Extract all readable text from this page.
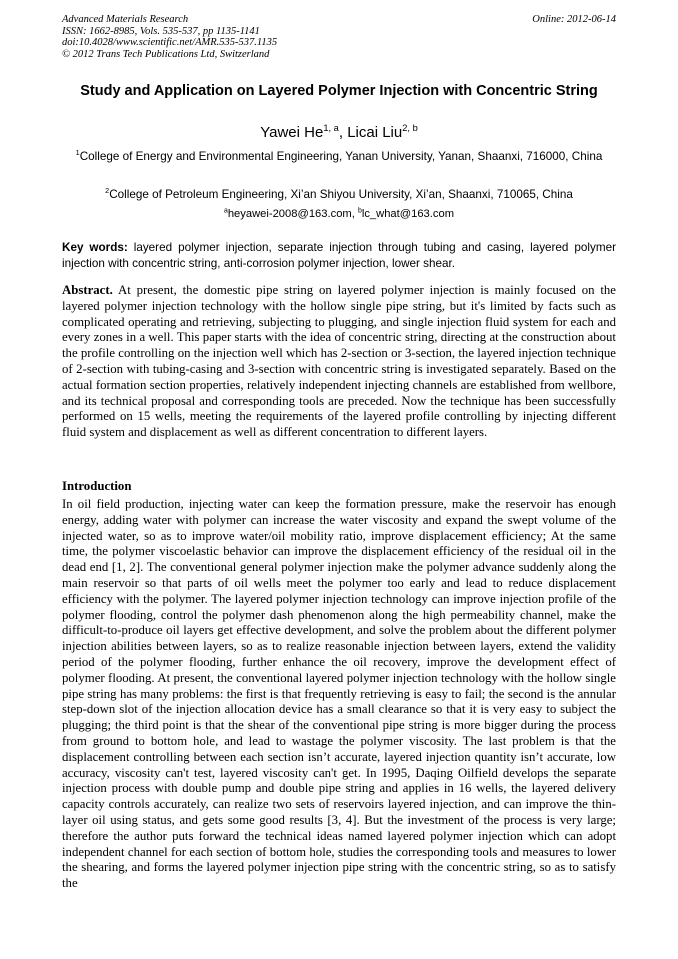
Advanced Materials Research
ISSN: 1662-8985, Vols. 535-537, pp 1135-1141
doi:10.4028/www.scientific.net/AMR.535-537.1135
© 2012 Trans Tech Publications Ltd, Switzerland
Online: 2012-06-14
Study and Application on Layered Polymer Injection with Concentric String
Yawei He$^{1, a}$, Licai Liu$^{2, b}$
$^1$College of Energy and Environmental Engineering, Yanan University, Yanan, Shaanxi, 716000, China
$^2$College of Petroleum Engineering, Xi’an Shiyou University, Xi’an, Shaanxi, 710065, China
$^a$heyawei-2008@163.com, $^b$lc_what@163.com
Key words: layered polymer injection, separate injection through tubing and casing, layered polymer injection with concentric string, anti-corrosion polymer injection, lower shear.
Abstract. At present, the domestic pipe string on layered polymer injection is mainly focused on the layered polymer injection technology with the hollow single pipe string, but it's limited by facts such as complicated operating and retrieving, subjecting to plugging, and single injection fluid system for each and every zones in a well. This paper starts with the idea of concentric string, directing at the construction about the profile controlling on the injection well which has 2-section or 3-section, the layered injection technique of 2-section with tubing-casing and 3-section with concentric string is investigated separately. Based on the actual formation section properties, relatively independent injecting channels are established from wellbore, and its technical proposal and corresponding tools are preceded. Now the technique has been successfully performed on 15 wells, meeting the requirements of the layered profile controlling by injecting different fluid system and displacement as well as different concentration to different layers.
Introduction
In oil field production, injecting water can keep the formation pressure, make the reservoir has enough energy, adding water with polymer can increase the water viscosity and expand the swept volume of the injected water, so as to improve water/oil mobility ratio, improve displacement efficiency; At the same time, the polymer viscoelastic behavior can improve the displacement efficiency of the residual oil in the dead end [1, 2]. The conventional general polymer injection make the polymer advance suddenly along the main reservoir so that parts of oil wells meet the polymer too early and lead to reduce displacement efficiency with the polymer. The layered polymer injection technology can improve injection profile of the polymer flooding, control the polymer dash phenomenon along the high permeability channel, make the difficult-to-produce oil layers get effective development, and solve the problem about the different polymer injection abilities between layers, so as to realize reasonable injection between layers, extend the validity period of the polymer flooding, further enhance the oil recovery, improve the development effect of polymer flooding. At present, the conventional layered polymer injection technology with the hollow single pipe string has many problems: the first is that frequently retrieving is easy to fail; the second is the annular step-down slot of the injection allocation device has a small clearance so that it is very easy to subject the plugging; the third point is that the shear of the conventional pipe string is more bigger during the process from ground to bottom hole, and lead to wastage the polymer viscosity. The last problem is that the displacement controlling between each section isn’t accurate, layered injection quantity isn’t accurate, low accuracy, viscosity can't test, layered viscosity can't get. In 1995, Daqing Oilfield develops the separate injection process with double pump and double pipe string and applies in 16 wells, the layered delivery capacity controls accurately, can realize two sets of reservoirs layered injection, and can improve the thin-layer oil using status, and gets some good results [3, 4]. But the investment of the process is very large; therefore the author puts forward the technical ideas named layered polymer injection which can adopt independent channel for each section of bottom hole, studies the corresponding tools and measures to lower the shearing, and forms the layered polymer injection pipe string with the concentric string, so as to satisfy the
